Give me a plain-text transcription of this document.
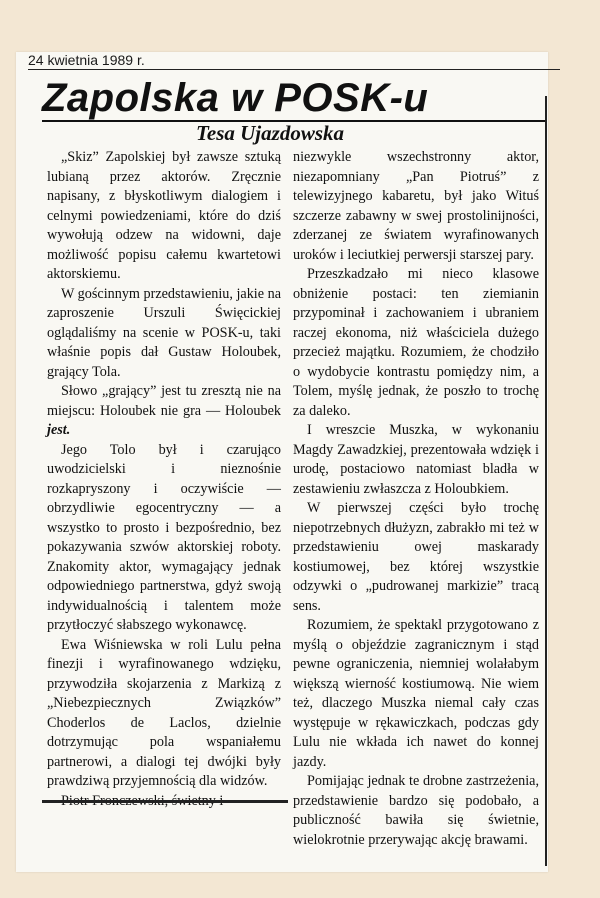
24 kwietnia 1989 r.
Zapolska w POSK-u
Tesa Ujazdowska

„Skiz” Zapolskiej był zawsze sztuką lubianą przez aktorów. Zręcznie napisany, z błyskotliwym dialogiem i celnymi powiedzeniami, które do dziś wywołują odzew na widowni, daje możliwość popisu całemu kwartetowi aktorskiemu.

W gościnnym przedstawieniu, jakie na zaproszenie Urszuli Święcickiej oglądaliśmy na scenie w POSK-u, taki właśnie popis dał Gustaw Holoubek, grający Tola.

Słowo „grający” jest tu zresztą nie na miejscu: Holoubek nie gra — Holoubek jest.

Jego Tolo był i czarująco uwodzicielski i nieznośnie rozkapryszony i oczywiście — obrzydliwie egocentryczny — a wszystko to prosto i bezpośrednio, bez pokazywania szwów aktorskiej roboty. Znakomity aktor, wymagający jednak odpowiedniego partnerstwa, gdyż swoją indywidualnością i talentem może przytłoczyć słabszego wykonawcę.

Ewa Wiśniewska w roli Lulu pełna finezji i wyrafinowanego wdzięku, przywodziła skojarzenia z Markizą z „Niebezpiecznych Związków” Choderlos de Laclos, dzielnie dotrzymując pola wspaniałemu partnerowi, a dialogi tej dwójki były prawdziwą przyjemnością dla widzów.

niezwykle wszechstronny aktor, niezapomniany „Pan Piotruś” z telewizyjnego kabaretu, był jako Wituś szczerze zabawny w swej prostolinijności, zderzanej ze światem wyrafinowanych uroków i leciutkiej perwersji starszej pary.

Przeszkadzało mi nieco klasowe obniżenie postaci: ten ziemianin przypominał i zachowaniem i ubraniem raczej ekonoma, niż właściciela dużego przecież majątku. Rozumiem, że chodziło o wydobycie kontrastu pomiędzy nim, a Tolem, myślę jednak, że poszło to trochę za daleko.

I wreszcie Muszka, w wykonaniu Magdy Zawadzkiej, prezentowała wdzięk i urodę, postaciowo natomiast bladła w zestawieniu zwłaszcza z Holoubkiem.

W pierwszej części było trochę niepotrzebnych dłużyzn, zabrakło mi też w przedstawieniu owej maskarady kostiumowej, bez której wszystkie odzywki o „pudrowanej markizie” tracą sens.

Rozumiem, że spektakl przygotowano z myślą o objeździe zagranicznym i stąd pewne ograniczenia, niemniej wolałabym większą wierność kostiumową. Nie wiem też, dlaczego Muszka niemal cały czas występuje w rękawiczkach, podczas gdy Lulu nie wkłada ich nawet do konnej jazdy.

Pomijając jednak te drobne zastrzeżenia, przedstawienie bardzo się podobało, a publiczność bawiła się świetnie, wielokrotnie przerywając akcję brawami.
